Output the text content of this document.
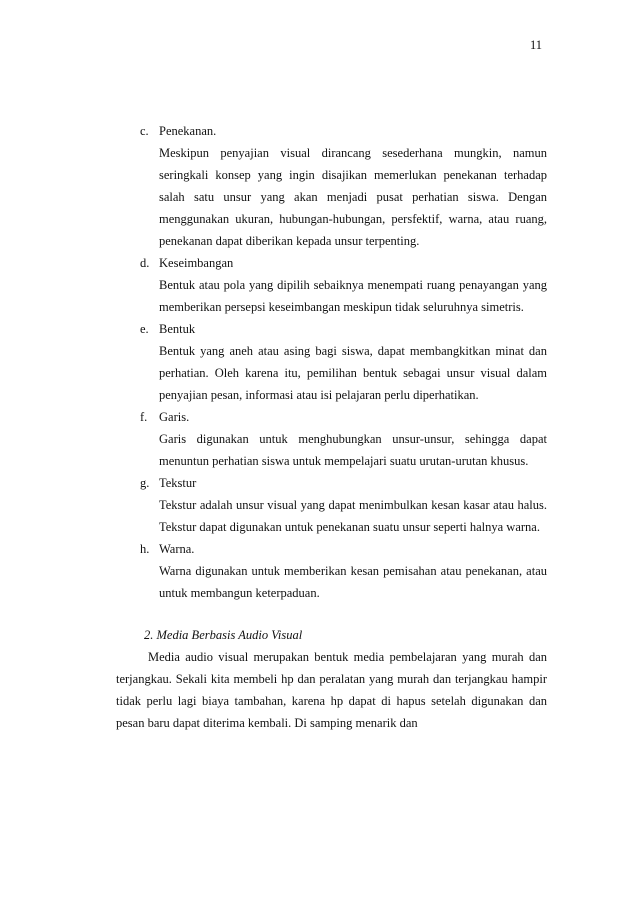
11
c. Penekanan.
Meskipun penyajian visual dirancang sesederhana mungkin, namun seringkali konsep yang ingin disajikan memerlukan penekanan terhadap salah satu unsur yang akan menjadi pusat perhatian siswa. Dengan menggunakan ukuran, hubungan-hubungan, persfektif, warna, atau ruang, penekanan dapat diberikan kepada unsur terpenting.
d. Keseimbangan
Bentuk atau pola yang dipilih sebaiknya menempati ruang penayangan yang memberikan persepsi keseimbangan meskipun tidak seluruhnya simetris.
e. Bentuk
Bentuk yang aneh atau asing bagi siswa, dapat membangkitkan minat dan perhatian. Oleh karena itu, pemilihan bentuk sebagai unsur visual dalam penyajian pesan, informasi atau isi pelajaran perlu diperhatikan.
f. Garis.
Garis digunakan untuk menghubungkan unsur-unsur, sehingga dapat menuntun perhatian siswa untuk mempelajari suatu urutan-urutan khusus.
g. Tekstur
Tekstur adalah unsur visual yang dapat menimbulkan kesan kasar atau halus. Tekstur dapat digunakan untuk penekanan suatu unsur seperti halnya warna.
h. Warna.
Warna digunakan untuk memberikan kesan pemisahan atau penekanan, atau untuk membangun keterpaduan.
2. Media Berbasis Audio Visual
Media audio visual merupakan bentuk media pembelajaran yang murah dan terjangkau. Sekali kita membeli hp dan peralatan yang murah dan terjangkau hampir tidak perlu lagi biaya tambahan, karena hp dapat di hapus setelah digunakan dan pesan baru dapat diterima kembali. Di samping menarik dan
